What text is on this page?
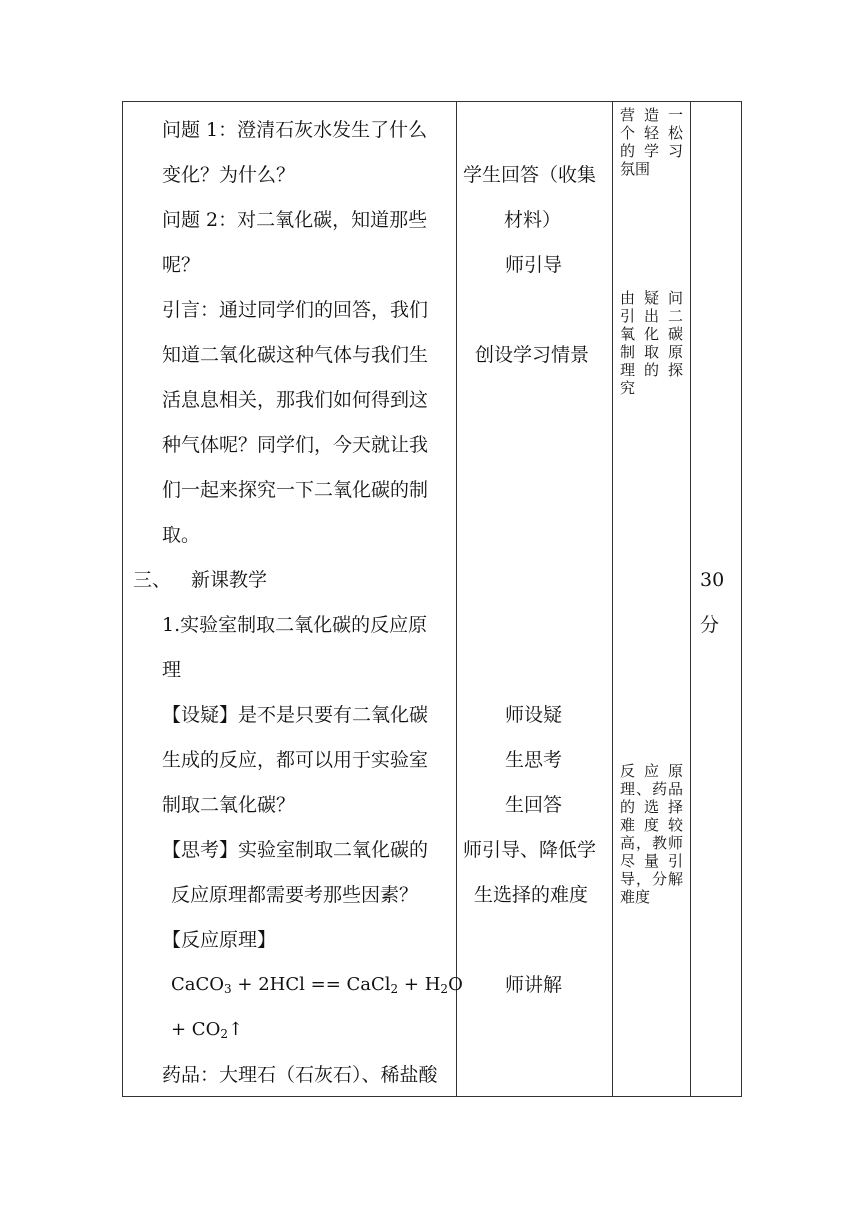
问题 1：澄清石灰水发生了什么
变化？为什么？
问题 2：对二氧化碳，知道那些
呢？
引言：通过同学们的回答，我们
知道二氧化碳这种气体与我们生
活息息相关，那我们如何得到这
种气体呢？同学们，今天就让我
们一起来探究一下二氧化碳的制
取。
三、 新课教学
1.实验室制取二氧化碳的反应原
理
【设疑】是不是只要有二氧化碳
生成的反应，都可以用于实验室
制取二氧化碳？
【思考】实验室制取二氧化碳的
反应原理都需要考那些因素？
【反应原理】
CaCO$_3$ + 2HCl == CaCl$_2$ + $H_2O$
+ $CO_2↑$
药品：大理石（石灰石）、稀盐酸
学生回答（收集
材料）
师引导
创设学习情景
师设疑
生思考
生回答
师引导、降低学
生选择的难度
师讲解
营造一
个轻松
的学习
氛围
由疑问
引出二
氧化碳
制取原
理的探
究
反应原
理、药品
的选择
难度较
高，教师
尽量引
导，分解
难度
30
分
